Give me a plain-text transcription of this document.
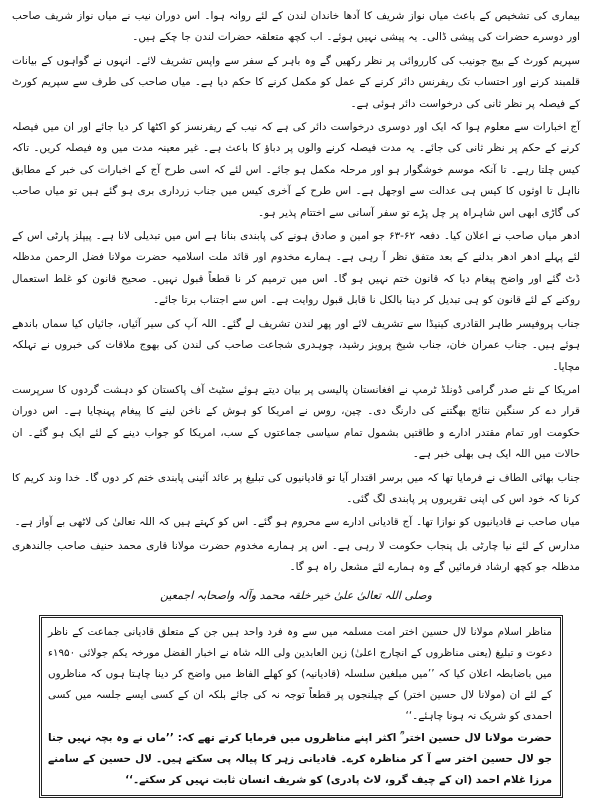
بیماری کی تشخیص کے باعث میاں نواز شریف کا آدھا خاندان لندن کے لئے روانہ ہوا۔ اس دوران نیب نے میاں نواز شریف صاحب اور دوسرے حضرات کی پیشی ڈالی۔ یہ پیشی نہیں ہوئے۔ اب کچھ متعلقہ حضرات لندن جا چکے ہیں۔

سپریم کورٹ کے بیج جونیب کی کارروائی پر نظر رکھیں گے وہ باہر کے سفر سے واپس تشریف لائے۔ انہوں نے گواہوں کے بیانات قلمبند کرنے اور احتساب تک ریفرنس دائر کرنے کے عمل کو مکمل کرنے کا حکم دیا ہے۔ میاں صاحب کی طرف سے سپریم کورٹ کے فیصلہ پر نظر ثانی کی درخواست دائر ہوئی ہے۔

آج اخبارات سے معلوم ہوا کہ ایک اور دوسری درخواست دائر کی ہے کہ نیب کے ریفرنسز کو اکٹھا کر دیا جائے اور ان میں فیصلہ کرنے کے حکم پر نظر ثانی کی جائے۔ یہ مدت فیصلہ کرنے والوں پر دباؤ کا باعث ہے۔ غیر معینہ مدت میں وہ فیصلہ کریں۔ تاکہ کیس چلتا رہے۔ تا آنکہ موسم خوشگوار ہو اور مرحلہ مکمل ہو جائے۔ اس لئے کہ اسی طرح آج کے اخبارات کی خبر کے مطابق نااہل تا اوثوں کا کیس ہی عدالت سے اوجھل ہے۔ اس طرح کے آخری کیس میں جناب زرداری بری ہو گئے ہیں تو میاں صاحب کی گاڑی ابھی اس شاہراہ پر چل پڑے تو سفر آسانی سے اختتام پذیر ہو۔

ادھر میاں صاحب نے اعلان کیا۔ دفعہ ۶۲-۶۳ جو امین و صادق ہونے کی پابندی بنانا ہے اس میں تبدیلی لانا ہے۔ پیپلز پارٹی اس کے لئے پہلے ادھر ادھر بدلنے کے بعد متفق نظر آ رہی ہے۔ ہمارے مخدوم اور قائد ملت اسلامیہ حضرت مولانا فضل الرحمن مدظلہ ڈٹ گئے اور واضح پیغام دیا کہ قانون ختم نہیں ہو گا۔ اس میں ترمیم کر نا قطعاً قبول نہیں۔ صحیح قانون کو غلط استعمال روکنے کے لئے قانون کو ہی تبدیل کر دینا بالکل نا قابل قبول روایت ہے۔ اس سے اجتناب برتا جائے۔

جناب پروفیسر طاہر القادری کینیڈا سے تشریف لائے اور پھر لندن تشریف لے گئے۔ اللہ آپ کی سیر آئیاں، جائیاں کیا سماں باندھے ہوئے ہیں۔ جناب عمران خان، جناب شیخ پرویز رشید، چوہدری شجاعت صاحب کی لندن کی بھوج ملاقات کی خبروں نے تہلکہ مچایا۔

امریکا کے نئے صدر گرامی ڈونلڈ ٹرمپ نے افغانستان پالیسی پر بیان دیتے ہوئے سٹیٹ آف پاکستان کو دہشت گردوں کا سرپرست قرار دے کر سنگین نتائج بھگتنے کی دارنگ دی۔ چین، روس نے امریکا کو ہوش کے ناخن لینے کا پیغام پہنچایا ہے۔ اس دوران حکومت اور تمام مقتدر ادارے و طاقتیں بشمول تمام سیاسی جماعتوں کے سب، امریکا کو جواب دینے کے لئے ایک ہو گئے۔ ان حالات میں اللہ ایک ہی بھلی خبر ہے۔

جناب بھائی الطاف نے فرمایا تھا کہ میں برسر اقتدار آیا تو قادیانیوں کی تبلیغ پر عائد آئینی پابندی ختم کر دوں گا۔ خدا وند کریم کا کرنا کہ خود اس کی اپنی تقریروں پر پابندی لگ گئی۔

میاں صاحب نے قادیانیوں کو نوازا تھا۔ آج قادیانی ادارے سے محروم ہو گئے۔ اس کو کہتے ہیں کہ اللہ تعالیٰ کی لاٹھی بے آواز ہے۔

مدارس کے لئے نیا چارٹی بل پنجاب حکومت لا رہی ہے۔ اس پر ہمارے مخدوم حضرت مولانا قاری محمد حنیف صاحب جالندھری مدظلہ جو کچھ ارشاد فرمائیں گے وہ ہمارے لئے مشعل راہ ہو گا۔

وصلی اللہ تعالیٰ علیٰ خیر خلقہ محمد وآلہ واصحابہ اجمعین

مناظر اسلام مولانا لال حسین اختر امت مسلمہ میں سے وہ فرد واحد ہیں جن کے متعلق قادیانی جماعت کے ناظر دعوت و تبلیغ (یعنی مناظروں کے انچارج اعلیٰ) زین العابدین ولی اللہ شاہ نے اخبار الفضل مورخہ یکم جولائی ۱۹۵۰ء میں باضابطہ اعلان کیا کہ ’’میں مبلغین سلسلہ (قادیانیہ) کو کھلے الفاظ میں واضح کر دینا چاہتا ہوں کہ مناظروں کے لئے ان (مولانا لال حسین اختر) کے چیلنجوں پر قطعاً توجہ نہ کی جائے بلکہ ان کے کسی ایسے جلسہ میں کسی احمدی کو شریک نہ ہونا چاہئے۔‘‘

حضرت مولانا لال حسین اختر ؒ اکثر اپنے مناظروں میں فرمایا کرتے تھے کہ: ’’ماں نے وہ بچہ نہیں جنا جو لال حسین اختر سے آ کر مناظرہ کرے۔ قادیانی زہر کا پیالہ پی سکتے ہیں۔ لال حسین کے سامنے مرزا غلام احمد (ان کے چیف گرو، لاٹ پادری) کو شریف انسان ثابت نہیں کر سکتے۔‘‘
